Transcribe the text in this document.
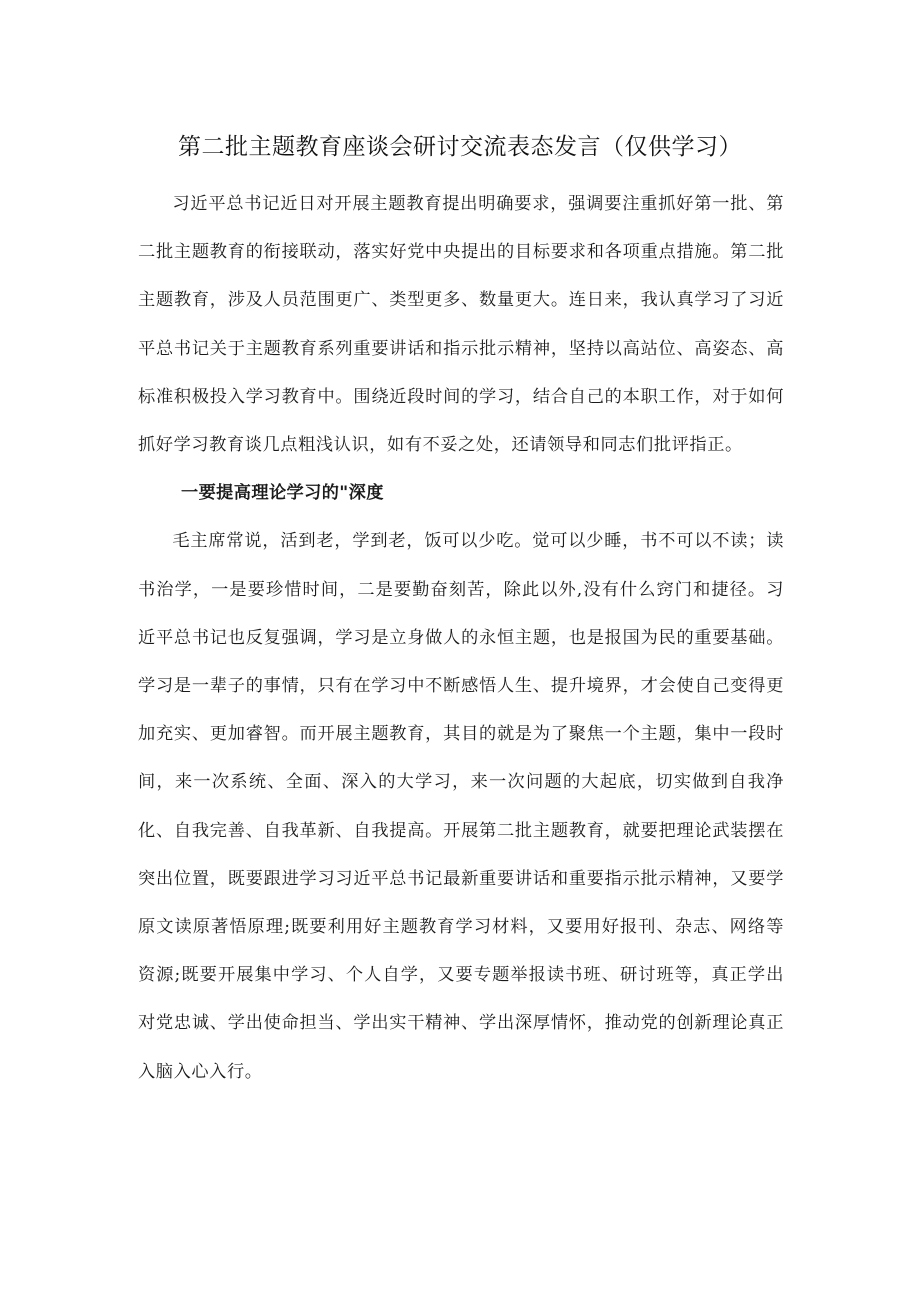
第二批主题教育座谈会研讨交流表态发言（仅供学习）

习近平总书记近日对开展主题教育提出明确要求，强调要注重抓好第一批、第二批主题教育的衔接联动，落实好党中央提出的目标要求和各项重点措施。第二批主题教育，涉及人员范围更广、类型更多、数量更大。连日来，我认真学习了习近平总书记关于主题教育系列重要讲话和指示批示精神，坚持以高站位、高姿态、高标准积极投入学习教育中。围绕近段时间的学习，结合自己的本职工作，对于如何抓好学习教育谈几点粗浅认识，如有不妥之处，还请领导和同志们批评指正。

一要提高理论学习的"深度

毛主席常说，活到老，学到老，饭可以少吃。觉可以少睡，书不可以不读；读书治学，一是要珍惜时间，二是要勤奋刻苦，除此以外,没有什么窍门和捷径。习近平总书记也反复强调，学习是立身做人的永恒主题，也是报国为民的重要基础。学习是一辈子的事情，只有在学习中不断感悟人生、提升境界，才会使自己变得更加充实、更加睿智。而开展主题教育，其目的就是为了聚焦一个主题，集中一段时间，来一次系统、全面、深入的大学习，来一次问题的大起底，切实做到自我净化、自我完善、自我革新、自我提高。开展第二批主题教育，就要把理论武装摆在突出位置，既要跟进学习习近平总书记最新重要讲话和重要指示批示精神，又要学原文读原著悟原理;既要利用好主题教育学习材料，又要用好报刊、杂志、网络等资源;既要开展集中学习、个人自学，又要专题举报读书班、研讨班等，真正学出对党忠诚、学出使命担当、学出实干精神、学出深厚情怀，推动党的创新理论真正入脑入心入行。
